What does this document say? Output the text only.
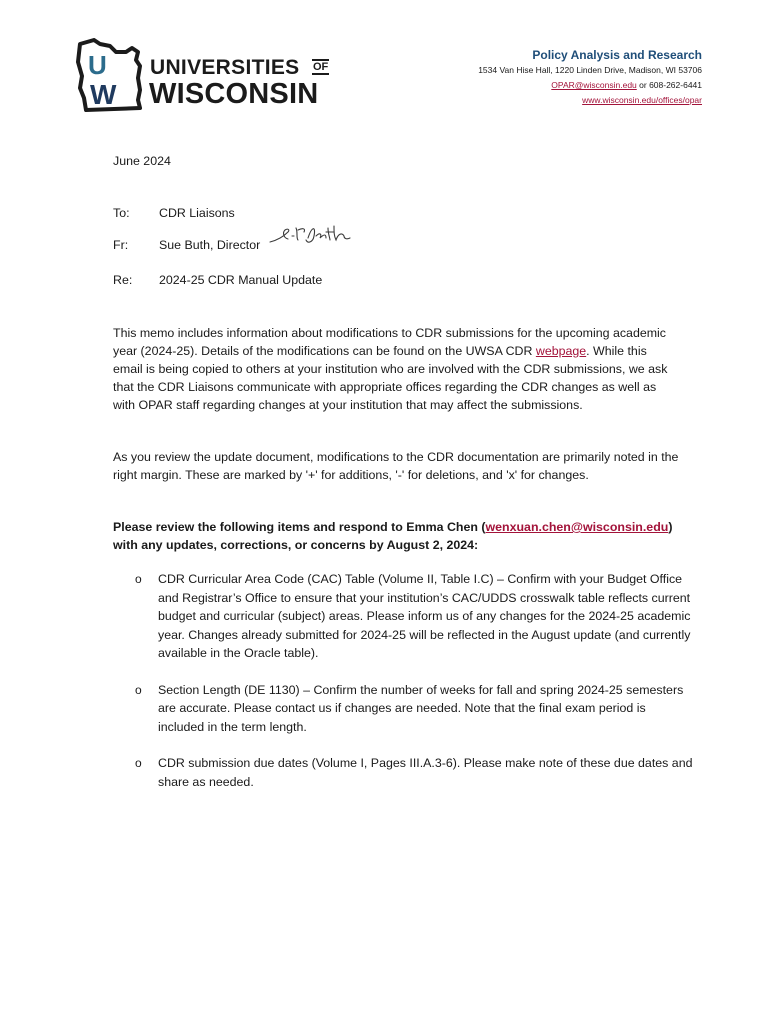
U
W
UNIVERSITIES OF
WISCONSIN
Policy Analysis and Research
1534 Van Hise Hall, 1220 Linden Drive, Madison, WI 53706
OPAR@wisconsin.edu or 608-262-6441
www.wisconsin.edu/offices/opar
June 2024
To: CDR Liaisons
Fr: Sue Buth, Director
Re: 2024-25 CDR Manual Update
This memo includes information about modifications to CDR submissions for the upcoming academic year (2024-25). Details of the modifications can be found on the UWSA CDR webpage. While this email is being copied to others at your institution who are involved with the CDR submissions, we ask that the CDR Liaisons communicate with appropriate offices regarding the CDR changes as well as with OPAR staff regarding changes at your institution that may affect the submissions.
As you review the update document, modifications to the CDR documentation are primarily noted in the right margin. These are marked by '+' for additions, '-' for deletions, and 'x' for changes.
Please review the following items and respond to Emma Chen (wenxuan.chen@wisconsin.edu) with any updates, corrections, or concerns by August 2, 2024:
o CDR Curricular Area Code (CAC) Table (Volume II, Table I.C) – Confirm with your Budget Office and Registrar’s Office to ensure that your institution’s CAC/UDDS crosswalk table reflects current budget and curricular (subject) areas. Please inform us of any changes for the 2024-25 academic year. Changes already submitted for 2024-25 will be reflected in the August update (and currently available in the Oracle table).
o Section Length (DE 1130) – Confirm the number of weeks for fall and spring 2024-25 semesters are accurate. Please contact us if changes are needed. Note that the final exam period is included in the term length.
o CDR submission due dates (Volume I, Pages III.A.3-6). Please make note of these due dates and share as needed.
